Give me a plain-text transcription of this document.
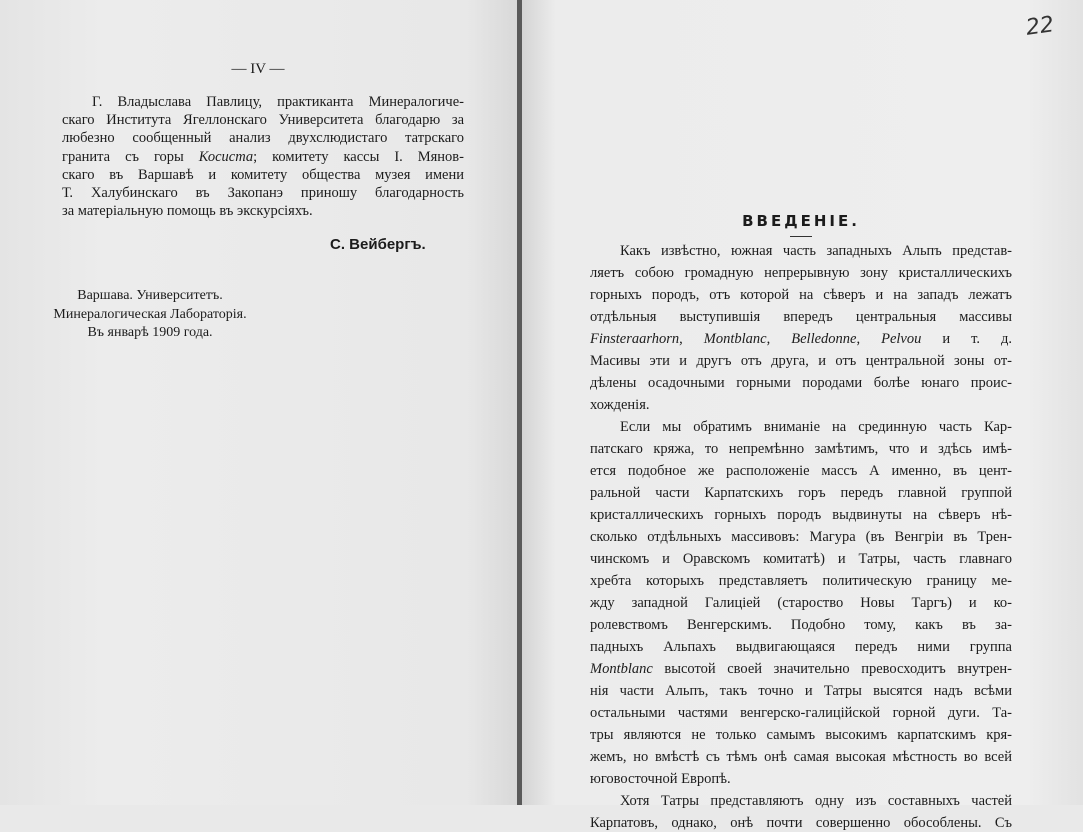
— IV —
Г. Владыслава Павлицу, практиканта Минералогиче-
скаго Института Ягеллонскаго Университета благодарю за
любезно сообщенный анализ двухслюдистаго татрскаго
гранита съ горы Косиста; комитету кассы I. Мянов-
скаго въ Варшавѣ и комитету общества музея имени
Т. Халубинскаго въ Закопанэ приношу благодарность
за матеріальную помощь въ экскурсіяхъ.
С. Вейбергъ.
Варшава. Университетъ.
Минералогическая Лабораторія.
Въ январѣ 1909 года.
22
ВВЕДЕНІЕ.
Какъ извѣстно, южная часть западныхъ Альпъ представ-
ляетъ собою громадную непрерывную зону кристаллическихъ
горныхъ породъ, отъ которой на сѣверъ и на западъ лежатъ
отдѣльныя выступившія впередъ центральныя массивы
Finsteraarhorn, Montblanc, Belledonne, Pelvou и т. д.
Масивы эти и другъ отъ друга, и отъ центральной зоны от-
дѣлены осадочными горными породами болѣе юнаго проис-
хожденія.
Если мы обратимъ вниманіе на срединную часть Кар-
патскаго кряжа, то непремѣнно замѣтимъ, что и здѣсь имѣ-
ется подобное же расположеніе массъ А именно, въ цент-
ральной части Карпатскихъ горъ передъ главной группой
кристаллическихъ горныхъ породъ выдвинуты на сѣверъ нѣ-
сколько отдѣльныхъ массивовъ: Магура (въ Венгріи въ Трен-
чинскомъ и Оравскомъ комитатѣ) и Татры, часть главнаго
хребта которыхъ представляетъ политическую границу ме-
жду западной Галиціей (староство Новы Таргъ) и ко-
ролевствомъ Венгерскимъ. Подобно тому, какъ въ за-
падныхъ Альпахъ выдвигающаяся передъ ними группа
Montblanc высотой своей значительно превосходитъ внутрен-
нія части Альпъ, такъ точно и Татры высятся надъ всѣми
остальными частями венгерско-галиційской горной дуги. Та-
тры являются не только самымъ высокимъ карпатскимъ кря-
жемъ, но вмѣстѣ съ тѣмъ онѣ самая высокая мѣстность во всей
юговосточной Европѣ.
Хотя Татры представляютъ одну изъ составныхъ частей
Карпатовъ, однако, онѣ почти совершенно обособлены. Съ
